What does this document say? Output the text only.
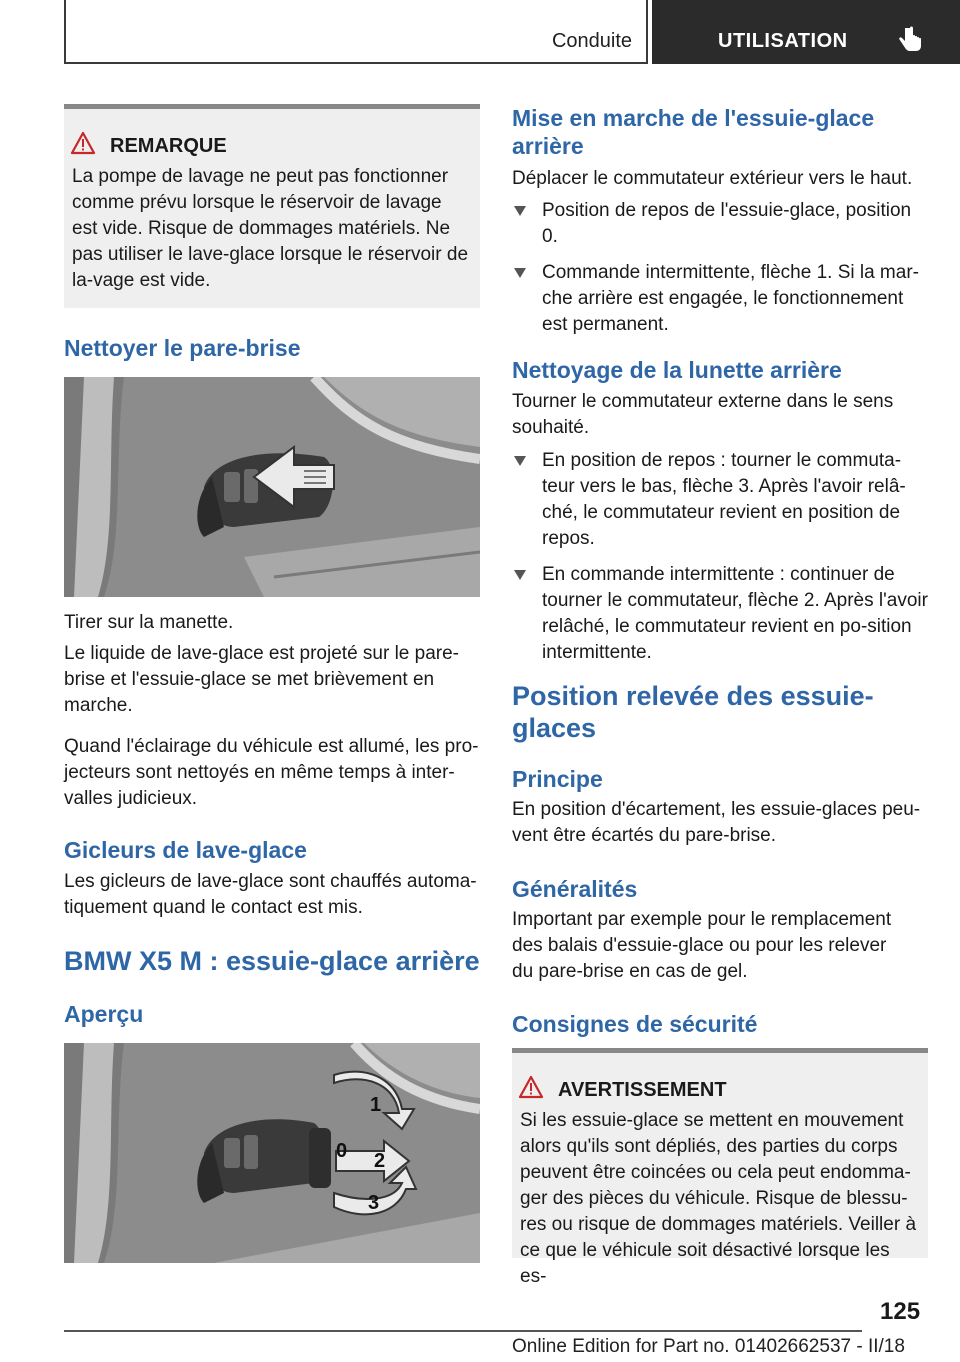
Conduite	UTILISATION
REMARQUE

La pompe de lavage ne peut pas fonctionner comme prévu lorsque le réservoir de lavage est vide. Risque de dommages matériels. Ne pas utiliser le lave-glace lorsque le réservoir de la-vage est vide.

Nettoyer le pare-brise

Tirer sur la manette.

Le liquide de lave-glace est projeté sur le pare-brise et l'essuie-glace se met brièvement en marche.

Quand l'éclairage du véhicule est allumé, les pro-jecteurs sont nettoyés en même temps à inter-valles judicieux.

Gicleurs de lave-glace

Les gicleurs de lave-glace sont chauffés automa-tiquement quand le contact est mis.

BMW X5 M : essuie-glace arrière
Aperçu
1
0 2
3
Mise en marche de l'essuie-glace arrière

Déplacer le commutateur extérieur vers le haut.

Position de repos de l'essuie-glace, position 0.
Commande intermittente, flèche 1. Si la mar-che arrière est engagée, le fonctionnement est permanent.
Nettoyage de la lunette arrière

Tourner le commutateur externe dans le sens souhaité.

En position de repos : tourner le commuta-teur vers le bas, flèche 3. Après l'avoir relâ-ché, le commutateur revient en position de repos.
En commande intermittente : continuer de tourner le commutateur, flèche 2. Après l'avoir relâché, le commutateur revient en po-sition intermittente.
Position relevée des essuie-glaces
Principe

En position d'écartement, les essuie-glaces peu-vent être écartés du pare-brise.

Généralités

Important par exemple pour le remplacement des balais d'essuie-glace ou pour les relever du pare-brise en cas de gel.

Consignes de sécurité
AVERTISSEMENT

Si les essuie-glace se mettent en mouvement alors qu'ils sont dépliés, des parties du corps peuvent être coincées ou cela peut endomma-ger des pièces du véhicule. Risque de blessu-res ou risque de dommages matériels. Veiller à ce que le véhicule soit désactivé lorsque les es-

125
Online Edition for Part no. 01402662537 - II/18
